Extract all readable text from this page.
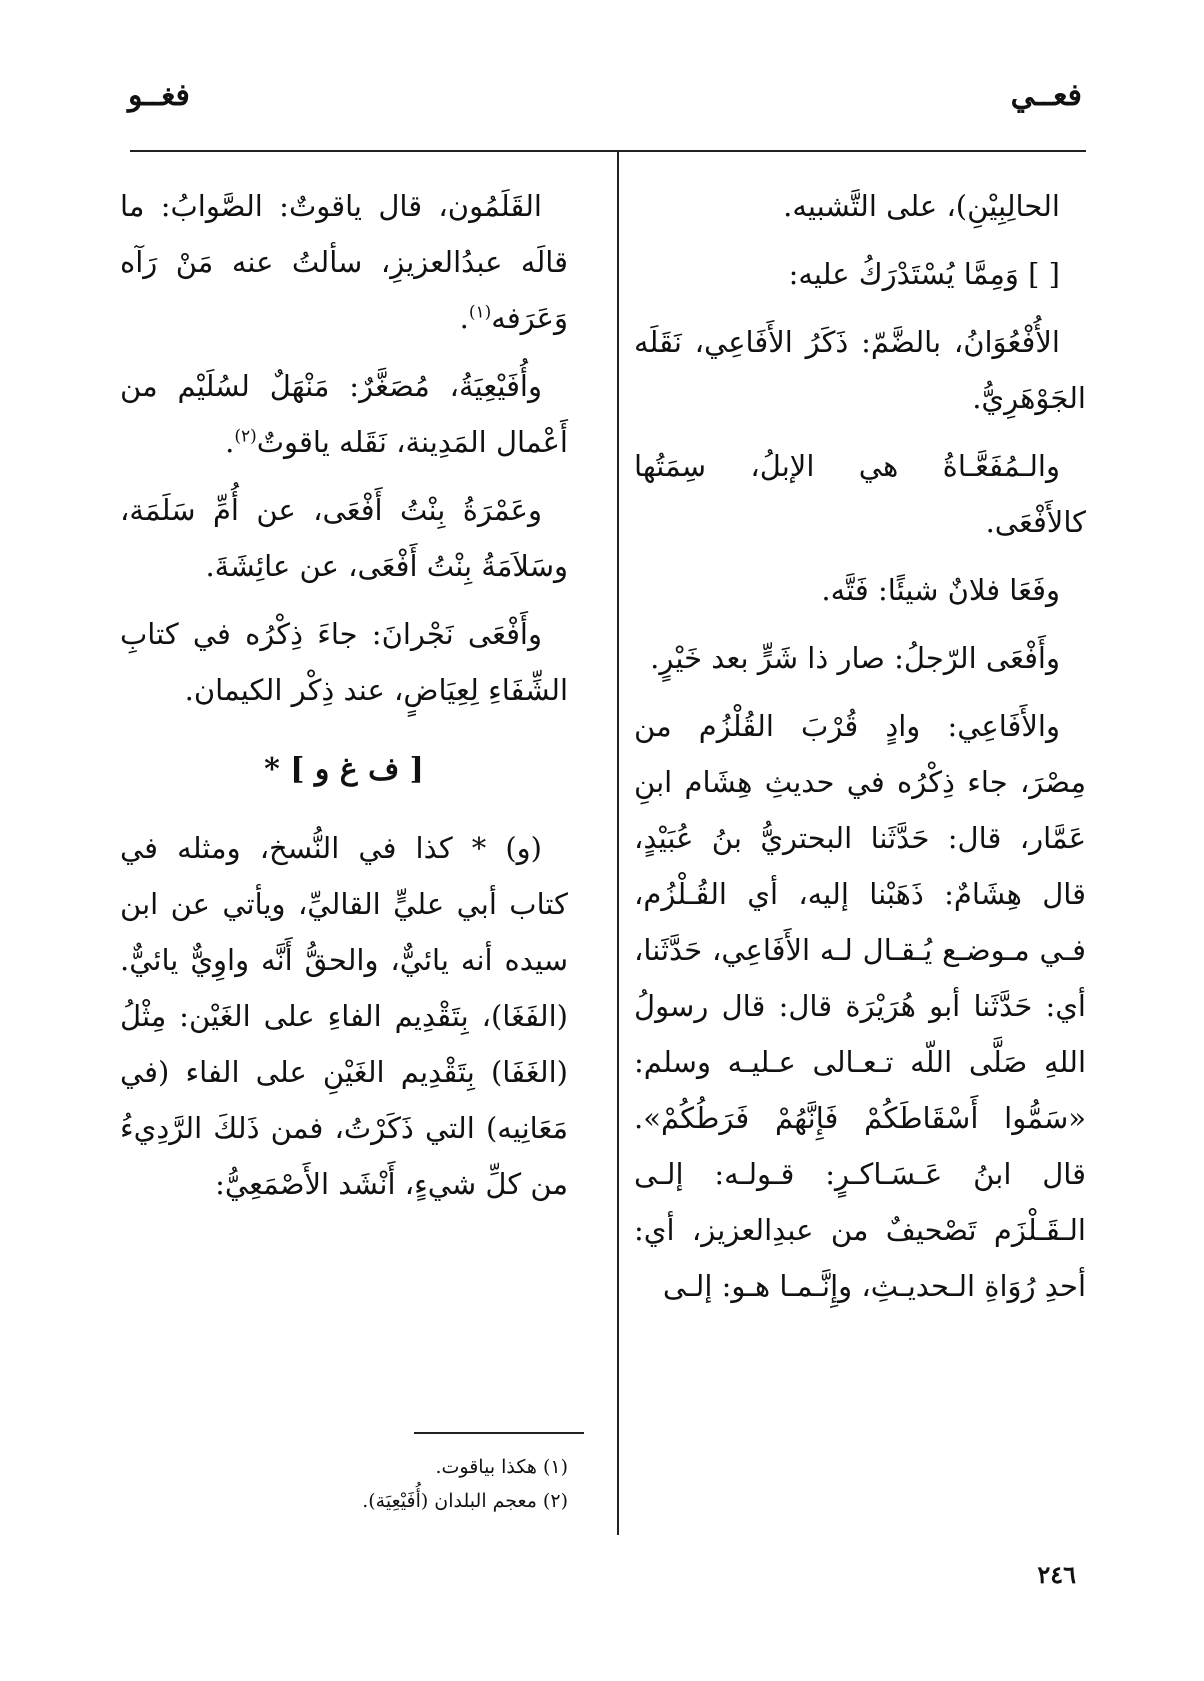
فعــي
فغــو

الحالِبِيْنِ)، على التَّشبيه.

[ ] وَمِمَّا يُسْتَدْرَكُ عليه:

الأُفْعُوَانُ، بالضَّمّ: ذَكَرُ الأَفَاعِي، نَقَلَه الجَوْهَرِيُّ.

والـمُفَعَّـاةُ هي الإبلُ، سِمَتُها كالأَفْعَى.

وفَعَا فلانٌ شيئًا: فَتَّه.

وأَفْعَى الرّجلُ: صار ذا شَرٍّ بعد خَيْرٍ.

والأَفَاعِي: وادٍ قُرْبَ القُلْزُم من مِصْرَ، جاء ذِكْرُه في حديثِ هِشَام ابنِ عَمَّار، قال: حَدَّثَنا البحتريُّ بنُ عُبَيْدٍ، قال هِشَامٌ: ذَهَبْنا إليه، أي القُـلْزُم، فـي مـوضـع يُـقـال لـه الأَفَاعِي، حَدَّثَنا، أي: حَدَّثَنا أبو هُرَيْرَة قال: قال رسولُ اللهِ صَلَّى اللّه تـعـالى عـليـه وسلم: «سَمُّوا أَسْقَاطَكُمْ فَإِنَّهُمْ فَرَطُكُمْ». قال ابنُ عَـسَـاكـرٍ: قـولـه: إلـى الـقَـلْزَم تَصْحيفٌ من عبدِالعزيز، أي: أحدِ رُوَاةِ الـحديـثِ، وإِنَّـمـا هـو: إلـى

القَلَمُون، قال ياقوتٌ: الصَّوابُ: ما قالَه عبدُالعزيزِ، سألتُ عنه مَنْ رَآه وَعَرَفه$^{(١)}$.
وأُفَيْعِيَةُ، مُصَغَّرٌ: مَنْهَلٌ لسُلَيْم من أَعْمال المَدِينة، نَقَله ياقوتٌ$^{(٢)}$.
وعَمْرَةُ بِنْتُ أَفْعَى، عن أُمِّ سَلَمَة، وسَلاَمَةُ بِنْتُ أَفْعَى، عن عائِشَةَ.
وأَفْعَى نَجْرانَ: جاءَ ذِكْرُه في كتابِ الشِّفَاءِ لِعِيَاضٍ، عند ذِكْر الكيمان.
[ ف غ و ] *
(و) * كذا في النُّسخ، ومثله في كتاب أبي عليٍّ القاليِّ، ويأتي عن ابن سيده أنه يائيٌّ، والحقُّ أَنَّه واوِيٌّ يائيٌّ. (الفَغَا)، بِتَقْدِيم الفاءِ على الغَيْن: مِثْلُ (الغَفَا) بِتَقْدِيم الغَيْنِ على الفاء (في مَعَانِيه) التي ذَكَرْتُ، فمن ذَلكَ الرَّدِيءُ من كلِّ شيءٍ، أَنْشَد الأَصْمَعِيُّ:

(١) هكذا بياقوت.

(٢) معجم البلدان (أُفَيْعِيَة).

٢٤٦
